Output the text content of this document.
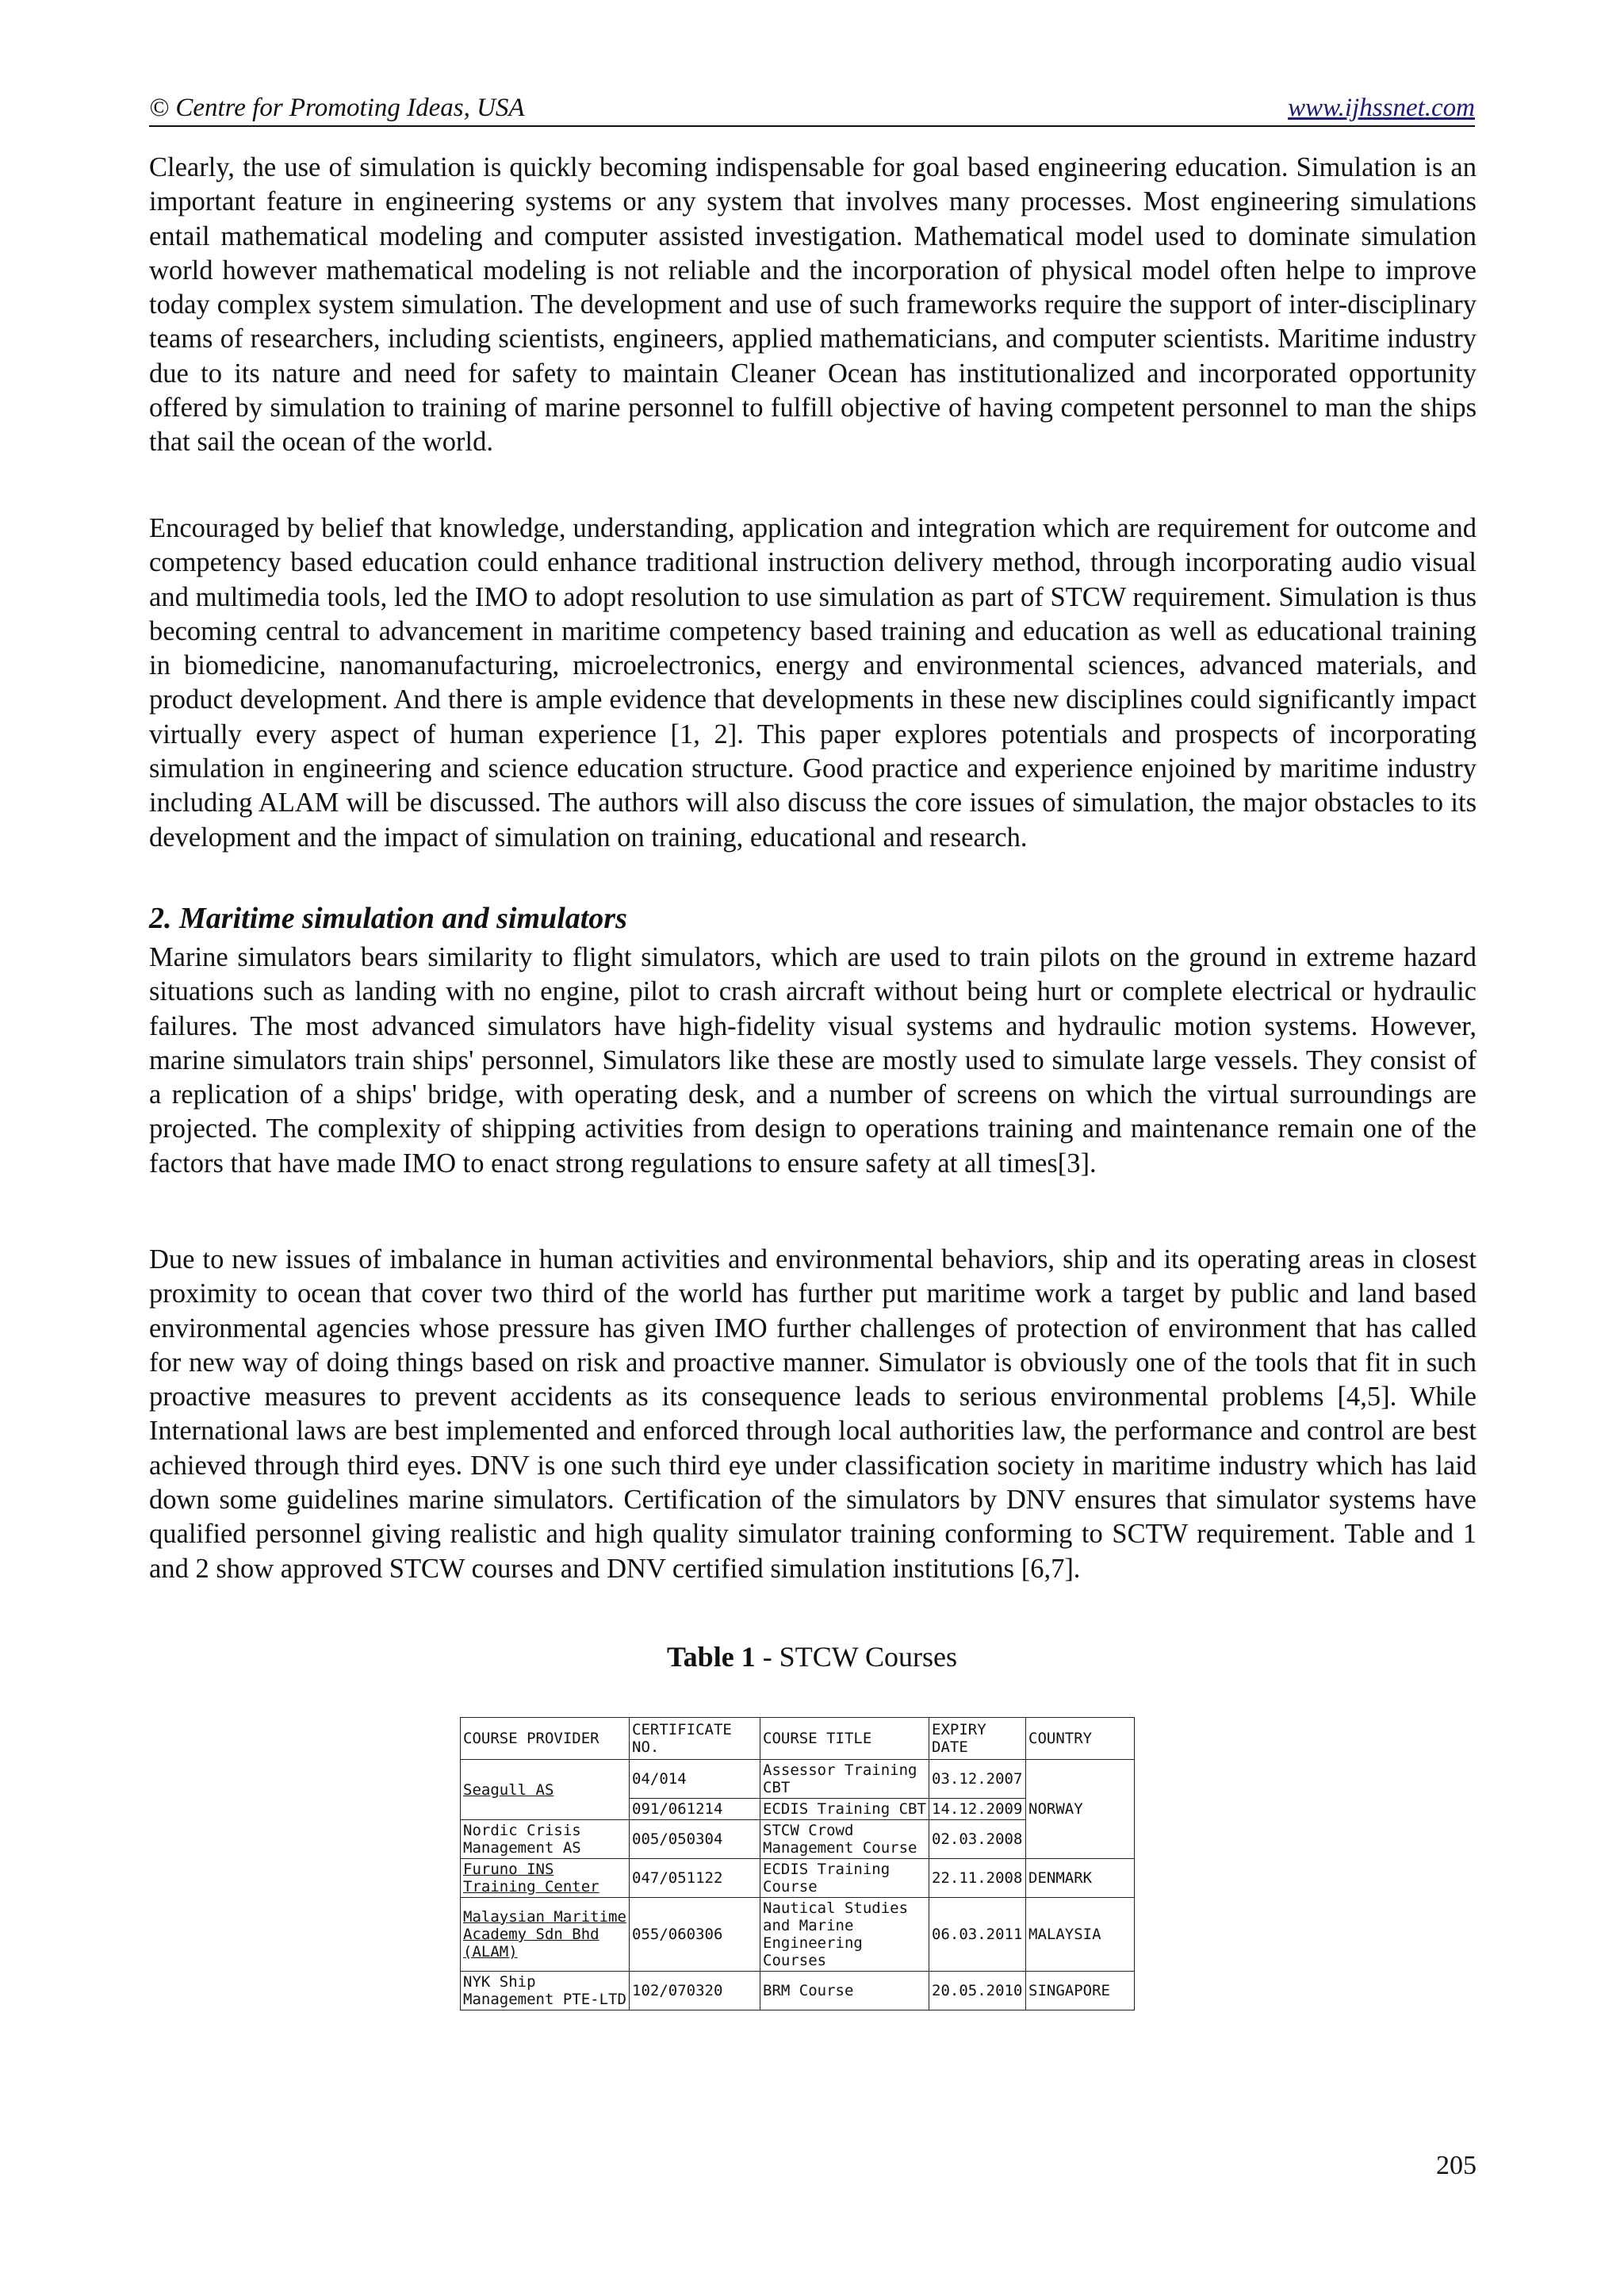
© Centre for Promoting Ideas, USA	www.ijhssnet.com

Clearly, the use of simulation is quickly becoming indispensable for goal based engineering education. Simulation is an important feature in engineering systems or any system that involves many processes. Most engineering simulations entail mathematical modeling and computer assisted investigation. Mathematical model used to dominate simulation world however mathematical modeling is not reliable and the incorporation of physical model often helpe to improve today complex system simulation. The development and use of such frameworks require the support of inter-disciplinary teams of researchers, including scientists, engineers, applied mathematicians, and computer scientists. Maritime industry due to its nature and need for safety to maintain Cleaner Ocean has institutionalized and incorporated opportunity offered by simulation to training of marine personnel to fulfill objective of having competent personnel to man the ships that sail the ocean of the world.

Encouraged by belief that knowledge, understanding, application and integration which are requirement for outcome and competency based education could enhance traditional instruction delivery method, through incorporating audio visual and multimedia tools, led the IMO to adopt resolution to use simulation as part of STCW requirement. Simulation is thus becoming central to advancement in maritime competency based training and education as well as educational training in biomedicine, nanomanufacturing, microelectronics, energy and environmental sciences, advanced materials, and product development. And there is ample evidence that developments in these new disciplines could significantly impact virtually every aspect of human experience [1, 2]. This paper explores potentials and prospects of incorporating simulation in engineering and science education structure. Good practice and experience enjoined by maritime industry including ALAM will be discussed. The authors will also discuss the core issues of simulation, the major obstacles to its development and the impact of simulation on training, educational and research.

2. Maritime simulation and simulators

Marine simulators bears similarity to flight simulators, which are used to train pilots on the ground in extreme hazard situations such as landing with no engine, pilot to crash aircraft without being hurt or complete electrical or hydraulic failures. The most advanced simulators have high-fidelity visual systems and hydraulic motion systems. However, marine simulators train ships' personnel, Simulators like these are mostly used to simulate large vessels. They consist of a replication of a ships' bridge, with operating desk, and a number of screens on which the virtual surroundings are projected. The complexity of shipping activities from design to operations training and maintenance remain one of the factors that have made IMO to enact strong regulations to ensure safety at all times[3].

Due to new issues of imbalance in human activities and environmental behaviors, ship and its operating areas in closest proximity to ocean that cover two third of the world has further put maritime work a target by public and land based environmental agencies whose pressure has given IMO further challenges of protection of environment that has called for new way of doing things based on risk and proactive manner. Simulator is obviously one of the tools that fit in such proactive measures to prevent accidents as its consequence leads to serious environmental problems [4,5]. While International laws are best implemented and enforced through local authorities law, the performance and control are best achieved through third eyes. DNV is one such third eye under classification society in maritime industry which has laid down some guidelines marine simulators. Certification of the simulators by DNV ensures that simulator systems have qualified personnel giving realistic and high quality simulator training conforming to SCTW requirement. Table and 1 and 2 show approved STCW courses and DNV certified simulation institutions [6,7].

Table 1 - STCW Courses
COURSE PROVIDER	CERTIFICATE NO.	COURSE TITLE	EXPIRY DATE	COUNTRY
Seagull AS	04/014	Assessor Training CBT	03.12.2007	NORWAY
	091/061214	ECDIS Training CBT	14.12.2009	
Nordic Crisis Management AS	005/050304	STCW Crowd Management Course	02.03.2008	
Furuno INS Training Center	047/051122	ECDIS Training Course	22.11.2008	DENMARK
Malaysian Maritime Academy Sdn Bhd (ALAM)	055/060306	Nautical Studies and Marine Engineering Courses	06.03.2011	MALAYSIA
NYK Ship Management PTE-LTD	102/070320	BRM Course	20.05.2010	SINGAPORE
205
